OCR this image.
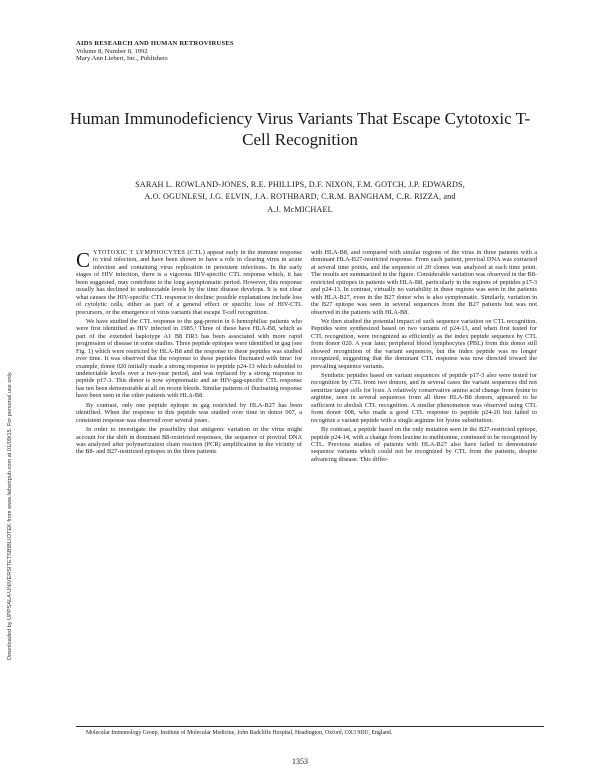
Downloaded by UPPSALA UNIVERSITETSBIBLIOTEK from www.liebertpub.com at 01/09/15. For personal use only.
AIDS RESEARCH AND HUMAN RETROVIRUSES
Volume 8, Number 8, 1992
Mary Ann Liebert, Inc., Publishers
Human Immunodeficiency Virus Variants That Escape Cytotoxic T-Cell Recognition
SARAH L. ROWLAND-JONES, R.E. PHILLIPS, D.F. NIXON, F.M. GOTCH, J.P. EDWARDS,
A.O. OGUNLESI, J.G. ELVIN, J.A. ROTHBARD, C.R.M. BANGHAM, C.R. RIZZA, and
A.J. McMICHAEL

CYTOTOXIC T LYMPHOCYTES (CTL) appear early in the immune response to viral infection, and have been shown to have a role in clearing virus in acute infection and containing virus replication in persistent infections. In the early stages of HIV infection, there is a vigorous HIV-specific CTL response which, it has been suggested, may contribute to the long asymptomatic period. However, this response usually has declined to undetectable levels by the time disease develops. It is not clear what causes the HIV-specific CTL response to decline: possible explanations include loss of cytolytic cells, either as part of a general effect or specific loss of HIV-CTL precursors, or the emergence of virus variants that escape T-cell recognition.

We have studied the CTL response to the gag-protein in 6 hemophiliac patients who were first identified as HIV infected in 1985.¹ Three of these have HLA-B8, which as part of the extended haplotype A1 B8 DR3 has been associated with more rapid progression of disease in some studies. Three peptide epitopes were identified in gag (see Fig. 1) which were restricted by HLA-B8 and the response to these peptides was studied over time. It was observed that the response to these peptides fluctuated with time: for example, donor 020 initially made a strong response to peptide p24-13 which subsided to undetectable levels over a two-year period, and was replaced by a strong response to peptide p17-3. This donor is now symptomatic and an HIV-gag-specific CTL response has not been demonstrable at all on recent bleeds. Similar patterns of fluctuating response have been seen in the other patients with HLA-B8.

By contrast, only one peptide epitope in gag restricted by HLA-B27 has been identified. When the response to this peptide was studied over time in donor 007, a consistent response was observed over several years.

In order to investigate the possibility that antigenic variation in the virus might account for the shift in dominant B8-restricted responses, the sequence of proviral DNA was analyzed after polymerization chain reaction (PCR) amplification in the vicinity of the B8- and B27-restricted epitopes in the three patients

with HLA-B8, and compared with similar regions of the virus in three patients with a dominant HLA-B27-restricted response. From each patient, proviral DNA was extracted at several time points, and the sequence of 20 clones was analyzed at each time point. The results are summarized in the figure. Considerable variation was observed in the B8-restricted epitopes in patients with HLA-B8, particularly in the regions of peptides p17-3 and p24-13. In contrast, virtually no variability in these regions was seen in the patients with HLA-B27, even in the B27 donor who is also symptomatic. Similarly, variation in the B27 epitope was seen in several sequences from the B27 patients but was not observed in the patients with HLA-B8.

We then studied the potential impact of such sequence variation on CTL recognition. Peptides were synthesized based on two variants of p24-13, and when first tested for CTL recognition, were recognized as efficiently as the index peptide sequence by CTL from donor 020. A year later, peripheral blood lymphocytes (PBL) from this donor still showed recognition of the variant sequences, but the index peptide was no longer recognized, suggesting that the dominant CTL response was now directed toward the prevailing sequence variants.

Synthetic peptides based on variant sequences of peptide p17-3 also were tested for recognition by CTL from two donors, and in several cases the variant sequences did not sensitize target cells for lysis. A relatively conservative amino acid change from lysine to arginine, seen in several sequences from all three HLA-B8 donors, appeared to be sufficient to abolish CTL recognition. A similar phenomenon was observed using CTL from donor 008, who made a good CTL response to peptide p24-20 but failed to recognize a variant peptide with a single arginine for lysine substitution.

By contrast, a peptide based on the only mutation seen in the B27-restricted epitope, peptide p24-14, with a change from leucine to methionine, continued to be recognized by CTL. Previous studies of patients with HLA-B27 also have failed to demonstrate sequence variants which could not be recognized by CTL from the patients, despite advancing disease. This differ-

Molecular Immunology Group, Institute of Molecular Medicine, John Radcliffe Hospital, Headington, Oxford, OX3 9DU, England.
1353
